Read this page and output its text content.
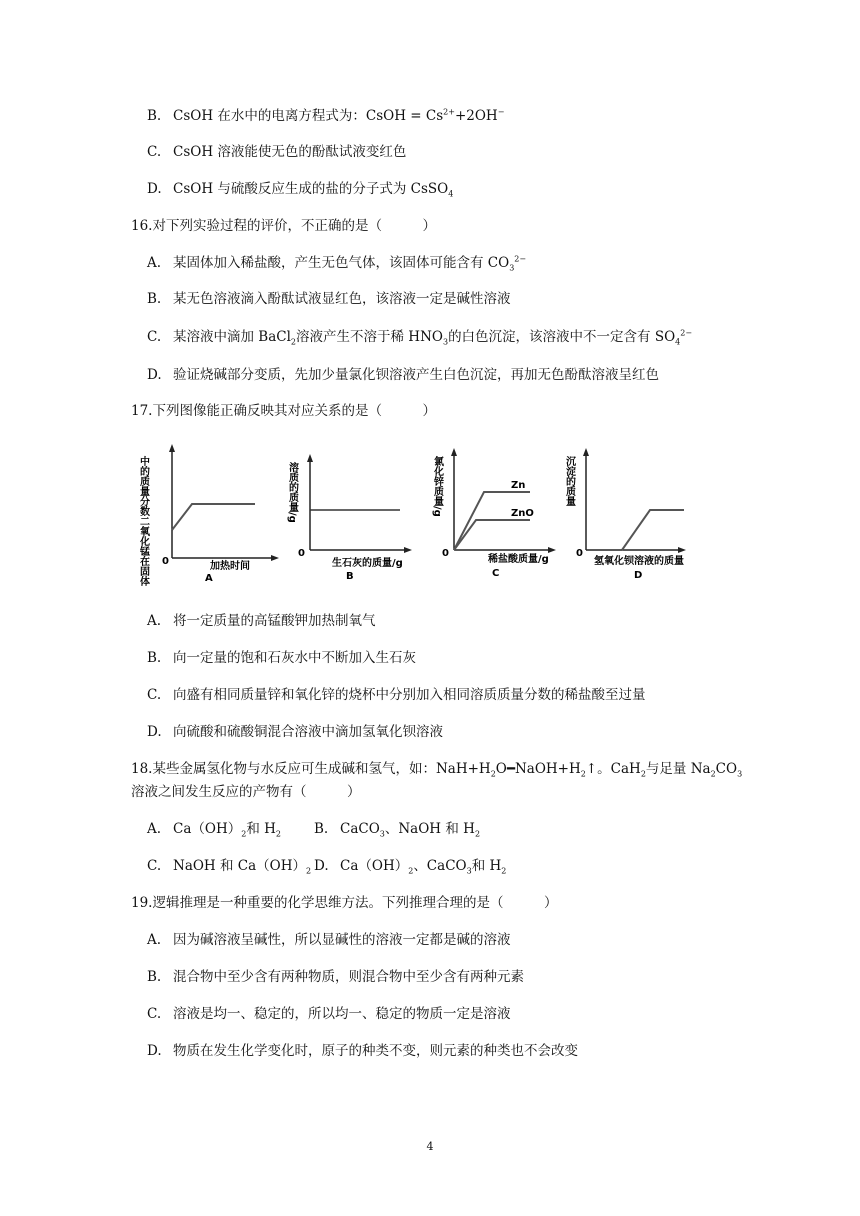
B. CsOH 在水中的电离方程式为：CsOH = $Cs^{2+}+2OH^-$
C. CsOH 溶液能使无色的酚酞试液变红色
D. CsOH 与硫酸反应生成的盐的分子式为 CsSO$_4$
16.对下列实验过程的评价，不正确的是（　　　）
A. 某固体加入稀盐酸，产生无色气体，该固体可能含有 $CO_3^{2-}$
B. 某无色溶液滴入酚酞试液显红色，该溶液一定是碱性溶液
C. 某溶液中滴加 BaCl$_2$溶液产生不溶于稀 $HNO_3$的白色沉淀，该溶液中不一定含有 $SO_4^{2-}$
D. 验证烧碱部分变质，先加少量氯化钡溶液产生白色沉淀，再加无色酚酞溶液呈红色
17.下列图像能正确反映其对应关系的是（　　　）
0	加热时间
A
中的质量分数二氧化锰在固体	0
生石灰的质量/g
B
溶质的质量/g	Zn
ZnO
0
稀盐酸质量/g
C
氯化锌质量/g
0
氢氧化钡溶液的质量
D
沉淀的质量
A. 将一定质量的高锰酸钾加热制氧气
B. 向一定量的饱和石灰水中不断加入生石灰
C. 向盛有相同质量锌和氧化锌的烧杯中分别加入相同溶质质量分数的稀盐酸至过量
D. 向硫酸和硫酸铜混合溶液中滴加氢氧化钡溶液
18.某些金属氢化物与水反应可生成碱和氢气，如：$NaH+H_2O━NaOH+H_2↑$。CaH$_2$与足量 $Na_2CO_3$
溶液之间发生反应的产物有（　　　）
A. $Ca(OH)_2$和 $H_2$ B. CaCO$_3$、NaOH 和 $H_2$
C. NaOH 和 $Ca(OH)_2$ D. $Ca(OH)_2$、CaCO$_3$和 $H_2$
19.逻辑推理是一种重要的化学思维方法。下列推理合理的是（　　　）
A. 因为碱溶液呈碱性，所以显碱性的溶液一定都是碱的溶液
B. 混合物中至少含有两种物质，则混合物中至少含有两种元素
C. 溶液是均一、稳定的，所以均一、稳定的物质一定是溶液
D. 物质在发生化学变化时，原子的种类不变，则元素的种类也不会改变
4
